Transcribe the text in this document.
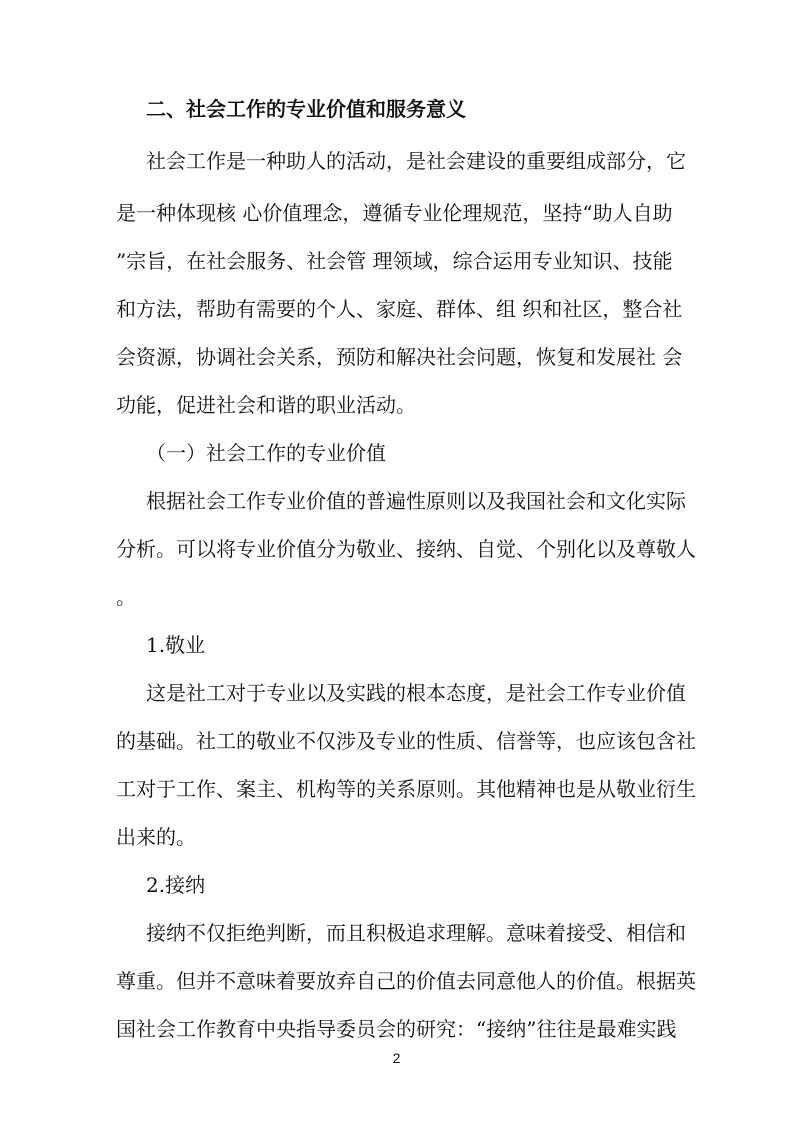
二、社会工作的专业价值和服务意义
社会工作是一种助人的活动，是社会建设的重要组成部分，它
是一种体现核 心价值理念，遵循专业伦理规范，坚持“助人自助
”宗旨，在社会服务、社会管 理领域，综合运用专业知识、技能
和方法，帮助有需要的个人、家庭、群体、组 织和社区，整合社
会资源，协调社会关系，预防和解决社会问题，恢复和发展社 会
功能，促进社会和谐的职业活动。
（一）社会工作的专业价值
根据社会工作专业价值的普遍性原则以及我国社会和文化实际
分析。可以将专业价值分为敬业、接纳、自觉、个别化以及尊敬人
。
1.敬业
这是社工对于专业以及实践的根本态度，是社会工作专业价值
的基础。社工的敬业不仅涉及专业的性质、信誉等，也应该包含社
工对于工作、案主、机构等的关系原则。其他精神也是从敬业衍生
出来的。
2.接纳
接纳不仅拒绝判断，而且积极追求理解。意味着接受、相信和
尊重。但并不意味着要放弃自己的价值去同意他人的价值。根据英
国社会工作教育中央指导委员会的研究：“接纳”往往是最难实践
2
